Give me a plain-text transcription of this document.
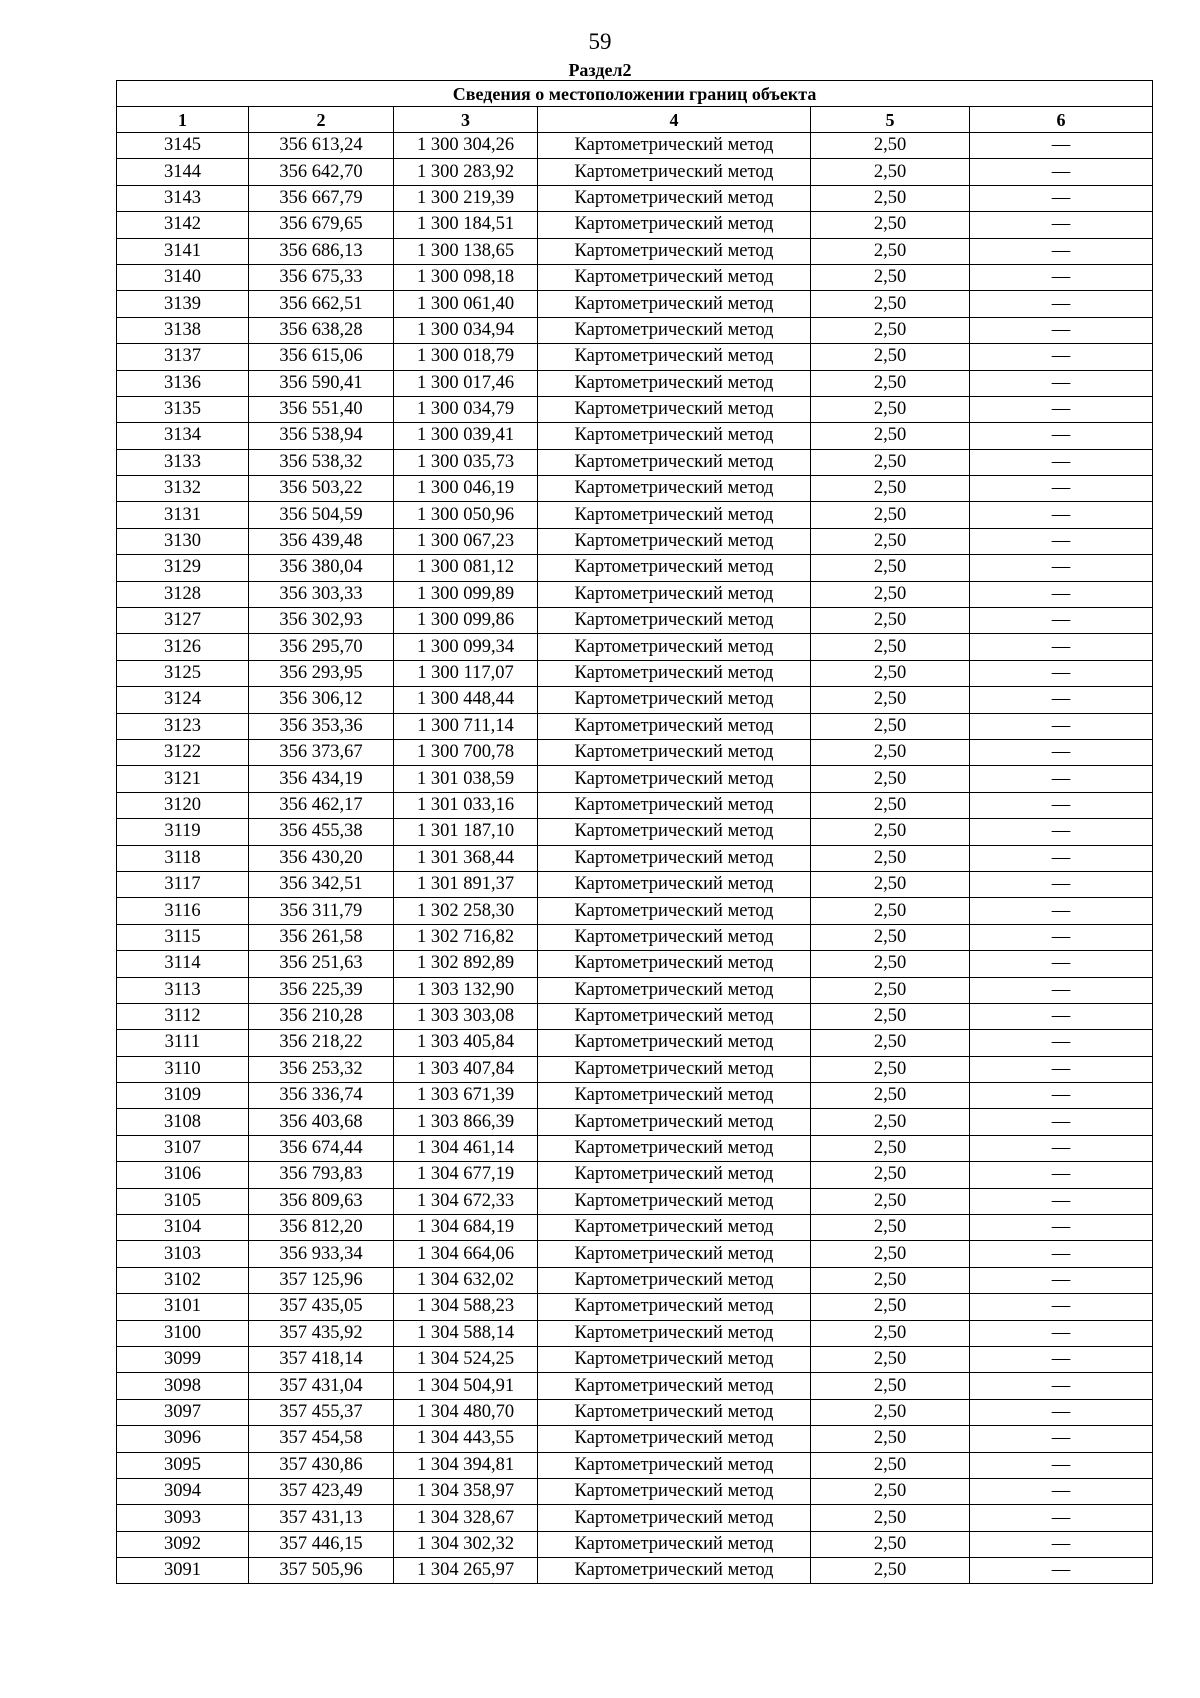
59
Раздел2
Сведения о местоположении границ объекта					
1	2	3	4	5	6
3145	356 613,24	1 300 304,26	Картометрический метод	2,50	—
3144	356 642,70	1 300 283,92	Картометрический метод	2,50	—
3143	356 667,79	1 300 219,39	Картометрический метод	2,50	—
3142	356 679,65	1 300 184,51	Картометрический метод	2,50	—
3141	356 686,13	1 300 138,65	Картометрический метод	2,50	—
3140	356 675,33	1 300 098,18	Картометрический метод	2,50	—
3139	356 662,51	1 300 061,40	Картометрический метод	2,50	—
3138	356 638,28	1 300 034,94	Картометрический метод	2,50	—
3137	356 615,06	1 300 018,79	Картометрический метод	2,50	—
3136	356 590,41	1 300 017,46	Картометрический метод	2,50	—
3135	356 551,40	1 300 034,79	Картометрический метод	2,50	—
3134	356 538,94	1 300 039,41	Картометрический метод	2,50	—
3133	356 538,32	1 300 035,73	Картометрический метод	2,50	—
3132	356 503,22	1 300 046,19	Картометрический метод	2,50	—
3131	356 504,59	1 300 050,96	Картометрический метод	2,50	—
3130	356 439,48	1 300 067,23	Картометрический метод	2,50	—
3129	356 380,04	1 300 081,12	Картометрический метод	2,50	—
3128	356 303,33	1 300 099,89	Картометрический метод	2,50	—
3127	356 302,93	1 300 099,86	Картометрический метод	2,50	—
3126	356 295,70	1 300 099,34	Картометрический метод	2,50	—
3125	356 293,95	1 300 117,07	Картометрический метод	2,50	—
3124	356 306,12	1 300 448,44	Картометрический метод	2,50	—
3123	356 353,36	1 300 711,14	Картометрический метод	2,50	—
3122	356 373,67	1 300 700,78	Картометрический метод	2,50	—
3121	356 434,19	1 301 038,59	Картометрический метод	2,50	—
3120	356 462,17	1 301 033,16	Картометрический метод	2,50	—
3119	356 455,38	1 301 187,10	Картометрический метод	2,50	—
3118	356 430,20	1 301 368,44	Картометрический метод	2,50	—
3117	356 342,51	1 301 891,37	Картометрический метод	2,50	—
3116	356 311,79	1 302 258,30	Картометрический метод	2,50	—
3115	356 261,58	1 302 716,82	Картометрический метод	2,50	—
3114	356 251,63	1 302 892,89	Картометрический метод	2,50	—
3113	356 225,39	1 303 132,90	Картометрический метод	2,50	—
3112	356 210,28	1 303 303,08	Картометрический метод	2,50	—
3111	356 218,22	1 303 405,84	Картометрический метод	2,50	—
3110	356 253,32	1 303 407,84	Картометрический метод	2,50	—
3109	356 336,74	1 303 671,39	Картометрический метод	2,50	—
3108	356 403,68	1 303 866,39	Картометрический метод	2,50	—
3107	356 674,44	1 304 461,14	Картометрический метод	2,50	—
3106	356 793,83	1 304 677,19	Картометрический метод	2,50	—
3105	356 809,63	1 304 672,33	Картометрический метод	2,50	—
3104	356 812,20	1 304 684,19	Картометрический метод	2,50	—
3103	356 933,34	1 304 664,06	Картометрический метод	2,50	—
3102	357 125,96	1 304 632,02	Картометрический метод	2,50	—
3101	357 435,05	1 304 588,23	Картометрический метод	2,50	—
3100	357 435,92	1 304 588,14	Картометрический метод	2,50	—
3099	357 418,14	1 304 524,25	Картометрический метод	2,50	—
3098	357 431,04	1 304 504,91	Картометрический метод	2,50	—
3097	357 455,37	1 304 480,70	Картометрический метод	2,50	—
3096	357 454,58	1 304 443,55	Картометрический метод	2,50	—
3095	357 430,86	1 304 394,81	Картометрический метод	2,50	—
3094	357 423,49	1 304 358,97	Картометрический метод	2,50	—
3093	357 431,13	1 304 328,67	Картометрический метод	2,50	—
3092	357 446,15	1 304 302,32	Картометрический метод	2,50	—
3091	357 505,96	1 304 265,97	Картометрический метод	2,50	—
